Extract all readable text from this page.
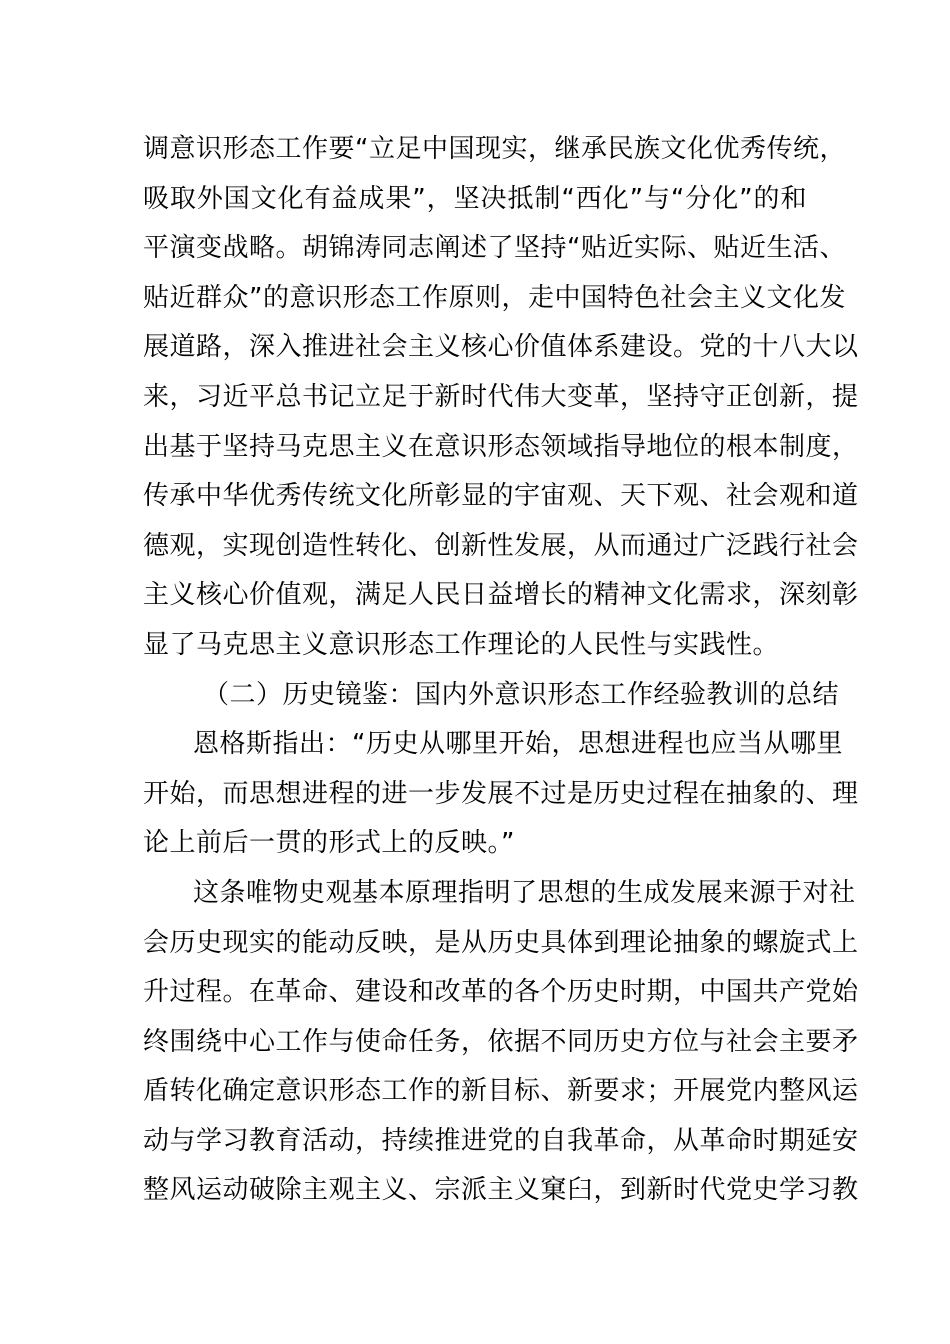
调意识形态工作要“立足中国现实，继承民族文化优秀传统，
吸取外国文化有益成果”，坚决抵制“西化”与“分化”的和
平演变战略。胡锦涛同志阐述了坚持“贴近实际、贴近生活、
贴近群众”的意识形态工作原则，走中国特色社会主义文化发
展道路，深入推进社会主义核心价值体系建设。党的十八大以
来，习近平总书记立足于新时代伟大变革，坚持守正创新，提
出基于坚持马克思主义在意识形态领域指导地位的根本制度，
传承中华优秀传统文化所彰显的宇宙观、天下观、社会观和道
德观，实现创造性转化、创新性发展，从而通过广泛践行社会
主义核心价值观，满足人民日益增长的精神文化需求，深刻彰
显了马克思主义意识形态工作理论的人民性与实践性。
（二）历史镜鉴：国内外意识形态工作经验教训的总结
恩格斯指出：“历史从哪里开始，思想进程也应当从哪里
开始，而思想进程的进一步发展不过是历史过程在抽象的、理
论上前后一贯的形式上的反映。”
这条唯物史观基本原理指明了思想的生成发展来源于对社
会历史现实的能动反映，是从历史具体到理论抽象的螺旋式上
升过程。在革命、建设和改革的各个历史时期，中国共产党始
终围绕中心工作与使命任务，依据不同历史方位与社会主要矛
盾转化确定意识形态工作的新目标、新要求；开展党内整风运
动与学习教育活动，持续推进党的自我革命，从革命时期延安
整风运动破除主观主义、宗派主义窠臼，到新时代党史学习教
